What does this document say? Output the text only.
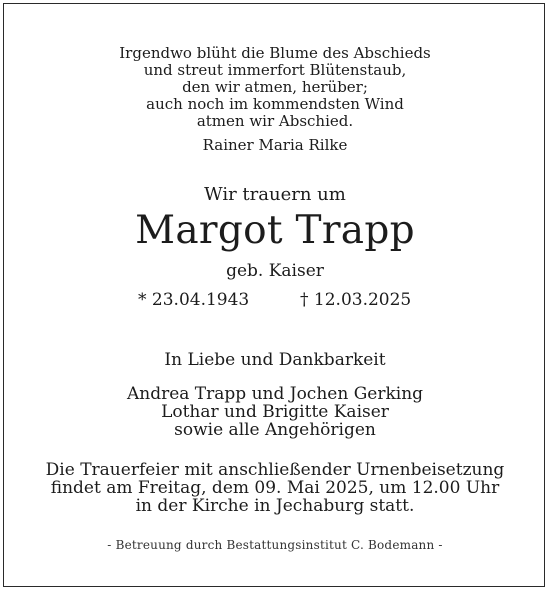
Irgendwo blüht die Blume des Abschieds
und streut immerfort Blütenstaub,
den wir atmen, herüber;
auch noch im kommendsten Wind
atmen wir Abschied.
Rainer Maria Rilke
Wir trauern um
Margot Trapp
geb. Kaiser
* 23.04.1943	† 12.03.2025
In Liebe und Dankbarkeit
Andrea Trapp und Jochen Gerking
Lothar und Brigitte Kaiser
sowie alle Angehörigen
Die Trauerfeier mit anschließender Urnenbeisetzung
findet am Freitag, dem 09. Mai 2025, um 12.00 Uhr
in der Kirche in Jechaburg statt.
- Betreuung durch Bestattungsinstitut C. Bodemann -
